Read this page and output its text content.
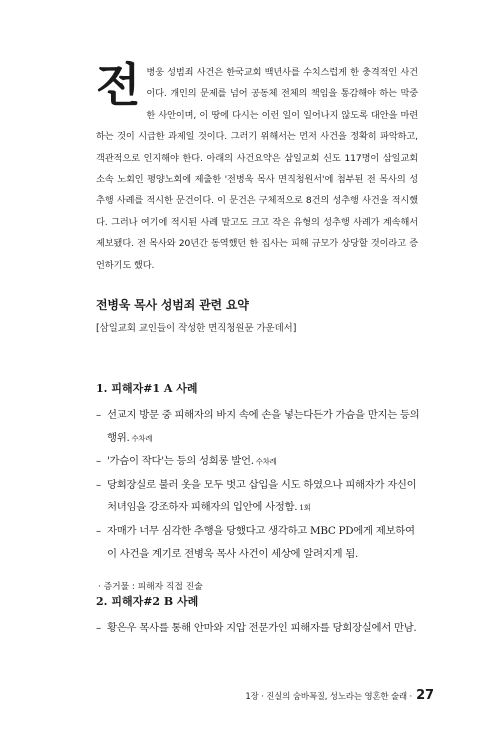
전병웅 성범죄 사건은 한국교회 백년사를 수치스럽게 한 충격적인 사건이다. 개인의 문제를 넘어 공동체 전체의 책임을 통감해야 하는 막중한 사안이며, 이 땅에 다시는 이런 일이 일어나지 않도록 대안을 마련하는 것이 시급한 과제일 것이다. 그러기 위해서는 먼저 사건을 정확히 파악하고, 객관적으로 인지해야 한다. 아래의 사건요약은 삼일교회 신도 117명이 삼일교회 소속 노회인 평양노회에 제출한 '전병욱 목사 면직청원서'에 첨부된 전 목사의 성추행 사례를 적시한 문건이다. 이 문건은 구체적으로 8건의 성추행 사건을 적시했다. 그러나 여기에 적시된 사례 말고도 크고 작은 유형의 성추행 사례가 계속해서 제보됐다. 전 목사와 20년간 동역했던 한 집사는 피해 규모가 상당할 것이라고 증언하기도 했다.
전병욱 목사 성범죄 관련 요약
[삼일교회 교인들이 작성한 면직청원문 가운데서]
1. 피해자#1 A 사례
– 선교지 방문 중 피해자의 바지 속에 손을 넣는다든가 가슴을 만지는 등의 행위. 수차례
– '가슴이 작다'는 등의 성희롱 발언. 수차례
– 당회장실로 불러 옷을 모두 벗고 삽입을 시도 하였으나 피해자가 자신이 처녀임을 강조하자 피해자의 입안에 사정함. 1회
– 자매가 너무 심각한 추행을 당했다고 생각하고 MBC PD에게 제보하여 이 사건을 계기로 전병욱 목사 사건이 세상에 알려지게 됨.
· 증거물 : 피해자 직접 진술
2. 피해자#2 B 사례
– 황은우 목사를 통해 안마와 지압 전문가인 피해자를 당회장실에서 만남.
1장 · 진실의 숨바꼭질, 성노라는 영혼한 술래 · 27
